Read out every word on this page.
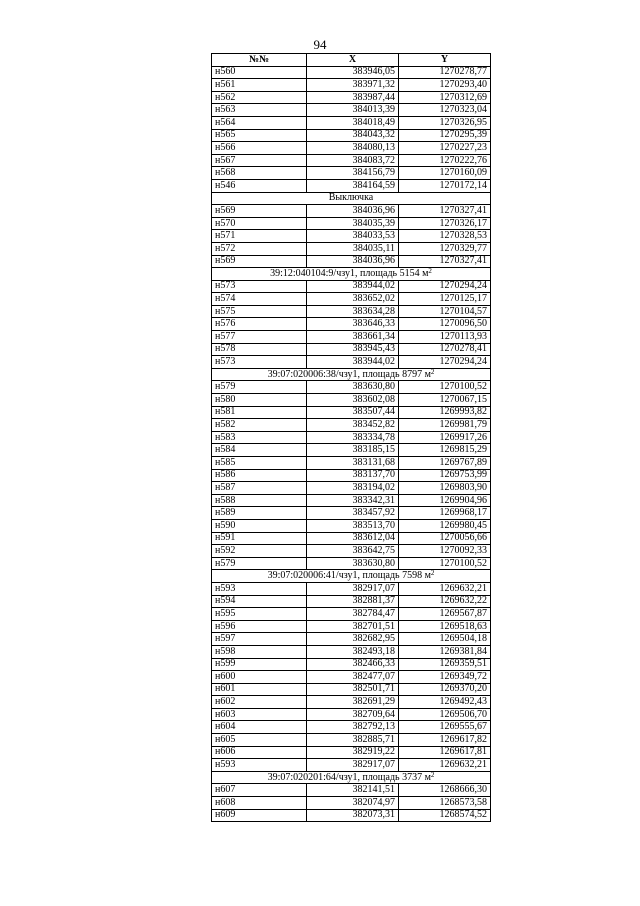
94
№№	X	Y
н560	383946,05	1270278,77
н561	383971,32	1270293,40
н562	383987,44	1270312,69
н563	384013,39	1270323,04
н564	384018,49	1270326,95
н565	384043,32	1270295,39
н566	384080,13	1270227,23
н567	384083,72	1270222,76
н568	384156,79	1270160,09
н546	384164,59	1270172,14
Выключка		
н569	384036,96	1270327,41
н570	384035,39	1270326,17
н571	384033,53	1270328,53
н572	384035,11	1270329,77
н569	384036,96	1270327,41
39:12:040104:9/чзу1, площадь 5154 $м^2$
н573	383944,02	1270294,24
н574	383652,02	1270125,17
н575	383634,28	1270104,57
н576	383646,33	1270096,50
н577	383661,34	1270113,93
н578	383945,43	1270278,41
н573	383944,02	1270294,24
39:07:020006:38/чзу1, площадь 8797 $м^2$
н579	383630,80	1270100,52
н580	383602,08	1270067,15
н581	383507,44	1269993,82
н582	383452,82	1269981,79
н583	383334,78	1269917,26
н584	383185,15	1269815,29
н585	383131,68	1269767,89
н586	383137,70	1269753,99
н587	383194,02	1269803,90
н588	383342,31	1269904,96
н589	383457,92	1269968,17
н590	383513,70	1269980,45
н591	383612,04	1270056,66
н592	383642,75	1270092,33
н579	383630,80	1270100,52
39:07:020006:41/чзу1, площадь 7598 $м^2$
н593	382917,07	1269632,21
н594	382881,37	1269632,22
н595	382784,47	1269567,87
н596	382701,51	1269518,63
н597	382682,95	1269504,18
н598	382493,18	1269381,84
н599	382466,33	1269359,51
н600	382477,07	1269349,72
н601	382501,71	1269370,20
н602	382691,29	1269492,43
н603	382709,64	1269506,70
н604	382792,13	1269555,67
н605	382885,71	1269617,82
н606	382919,22	1269617,81
н593	382917,07	1269632,21
39:07:020201:64/чзу1, площадь 3737 $м^2$
н607	382141,51	1268666,30
н608	382074,97	1268573,58
н609	382073,31	1268574,52
